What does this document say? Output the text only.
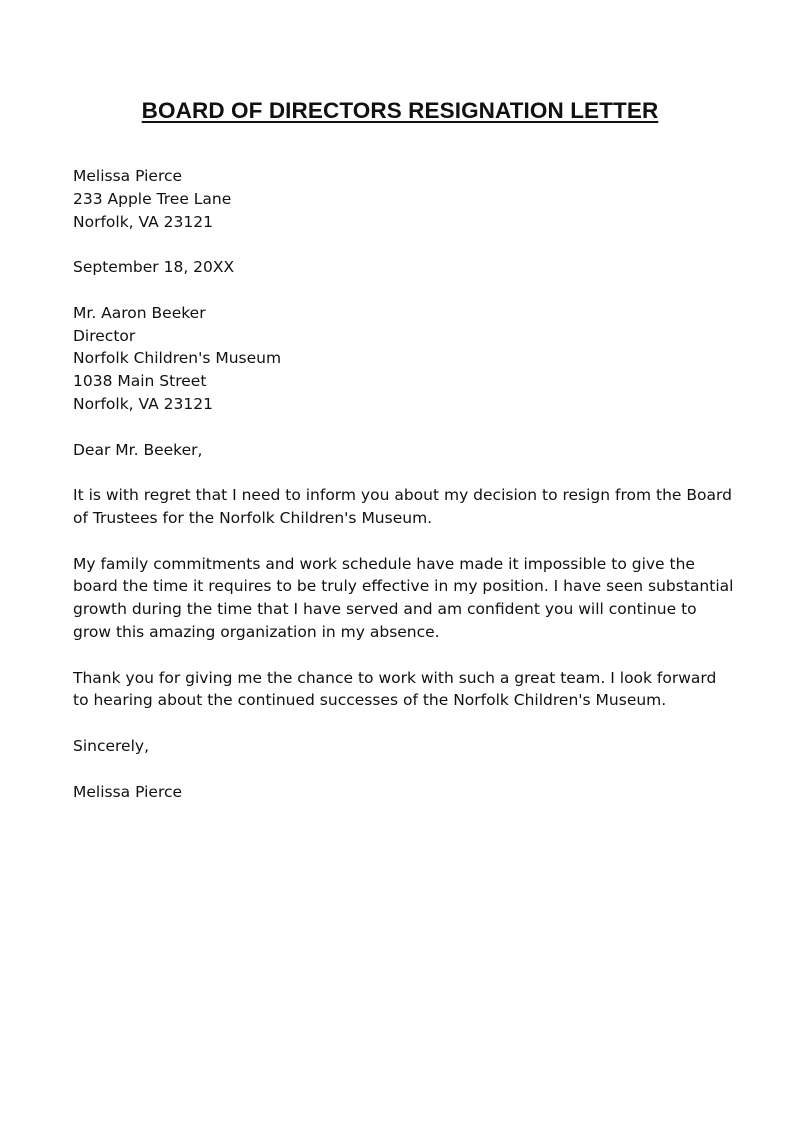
BOARD OF DIRECTORS RESIGNATION LETTER
Melissa Pierce
233 Apple Tree Lane
Norfolk, VA 23121
September 18, 20XX
Mr. Aaron Beeker
Director
Norfolk Children's Museum
1038 Main Street
Norfolk, VA 23121
Dear Mr. Beeker,
It is with regret that I need to inform you about my decision to resign from the Board
of Trustees for the Norfolk Children's Museum.
My family commitments and work schedule have made it impossible to give the
board the time it requires to be truly effective in my position. I have seen substantial
growth during the time that I have served and am confident you will continue to
grow this amazing organization in my absence.
Thank you for giving me the chance to work with such a great team. I look forward
to hearing about the continued successes of the Norfolk Children's Museum.
Sincerely,
Melissa Pierce
